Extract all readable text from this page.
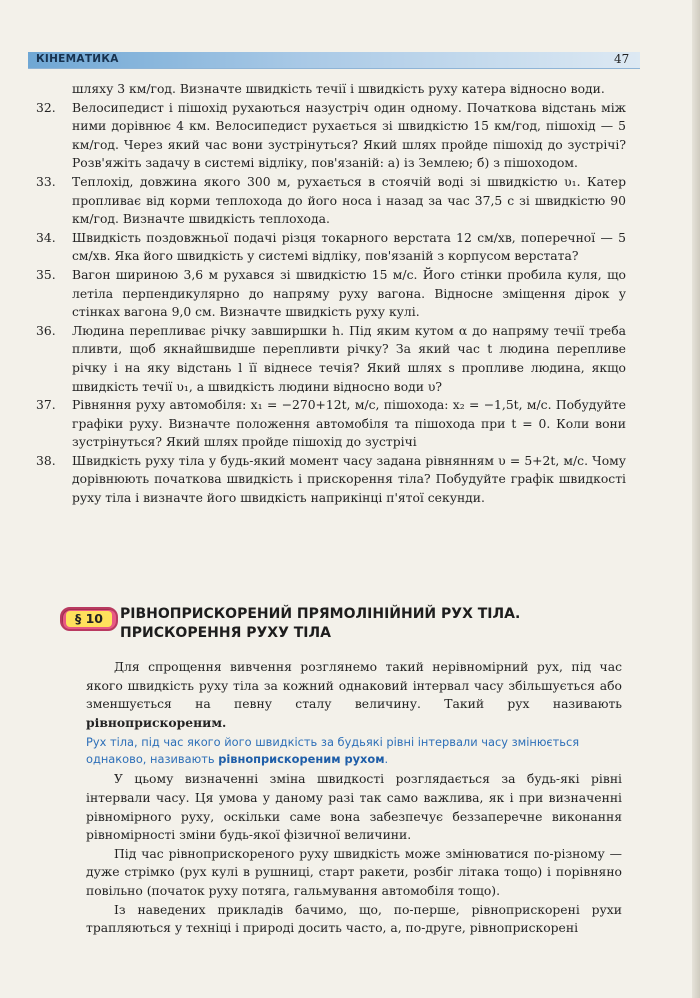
КІНЕМАТИКА	47

шляху 3 км/год. Визначте швидкість течії і швидкість руху катера відносно води.

32. Велосипедист і пішохід рухаються назустріч один одному. Початкова відстань між ними дорівнює 4 км. Велосипедист рухається зі швидкістю 15 км/год, пішохід — 5 км/год. Через який час вони зустрінуться? Який шлях пройде пішохід до зустрічі? Розв'яжіть задачу в системі відліку, пов'язаній: а) із Землею; б) з пішоходом.

33. Теплохід, довжина якого 300 м, рухається в стоячій воді зі швидкістю υ₁. Катер пропливає від корми теплохода до його носа і назад за час 37,5 с зі швидкістю 90 км/год. Визначте швидкість теплохода.

34. Швидкість поздовжньої подачі різця токарного верстата 12 см/хв, поперечної — 5 см/хв. Яка його швидкість у системі відліку, пов'язаній з корпусом верстата?

35. Вагон шириною 3,6 м рухався зі швидкістю 15 м/с. Його стінки пробила куля, що летіла перпендикулярно до напряму руху вагона. Відносне зміщення дірок у стінках вагона 9,0 см. Визначте швидкість руху кулі.

36. Людина перепливає річку завширшки h. Під яким кутом α до напряму течії треба пливти, щоб якнайшвидше перепливти річку? За який час t людина перепливе річку і на яку відстань l її віднесе течія? Який шлях s пропливе людина, якщо швидкість течії υ₁, а швидкість людини відносно води υ?

37. Рівняння руху автомобіля: x₁ = −270+12t, м/с, пішохода: x₂ = −1,5t, м/с. Побудуйте графіки руху. Визначте положення автомобіля та пішохода при t = 0. Коли вони зустрінуться? Який шлях пройде пішохід до зустрічі

38. Швидкість руху тіла у будь-який момент часу задана рівнянням υ = 5+2t, м/с. Чому дорівнюють початкова швидкість і прискорення тіла? Побудуйте графік швидкості руху тіла і визначте його швидкість наприкінці п'ятої секунди.

§ 10	РІВНОПРИСКОРЕНИЙ ПРЯМОЛІНІЙНИЙ РУХ ТІЛА.
ПРИСКОРЕННЯ РУХУ ТІЛА

Для спрощення вивчення розглянемо такий нерівномірний рух, під час якого швидкість руху тіла за кожний однаковий інтервал часу збільшується або зменшується на певну сталу величину. Такий рух називають рівноприскореним.

Рух тіла, під час якого його швидкість за будьякі рівні інтервали часу змінюється однаково, називають рівноприскореним рухом.

У цьому визначенні зміна швидкості розглядається за будь-які рівні інтервали часу. Ця умова у даному разі так само важлива, як і при визначенні рівномірного руху, оскільки саме вона забезпечує беззаперечне виконання рівномірності зміни будь-якої фізичної величини.

Під час рівноприскореного руху швидкість може змінюватися по-різному — дуже стрімко (рух кулі в рушниці, старт ракети, розбіг літака тощо) і порівняно повільно (початок руху потяга, гальмування автомобіля тощо).

Із наведених прикладів бачимо, що, по-перше, рівноприскорені рухи трапляються у техніці і природі досить часто, а, по-друге, рівноприскорені
